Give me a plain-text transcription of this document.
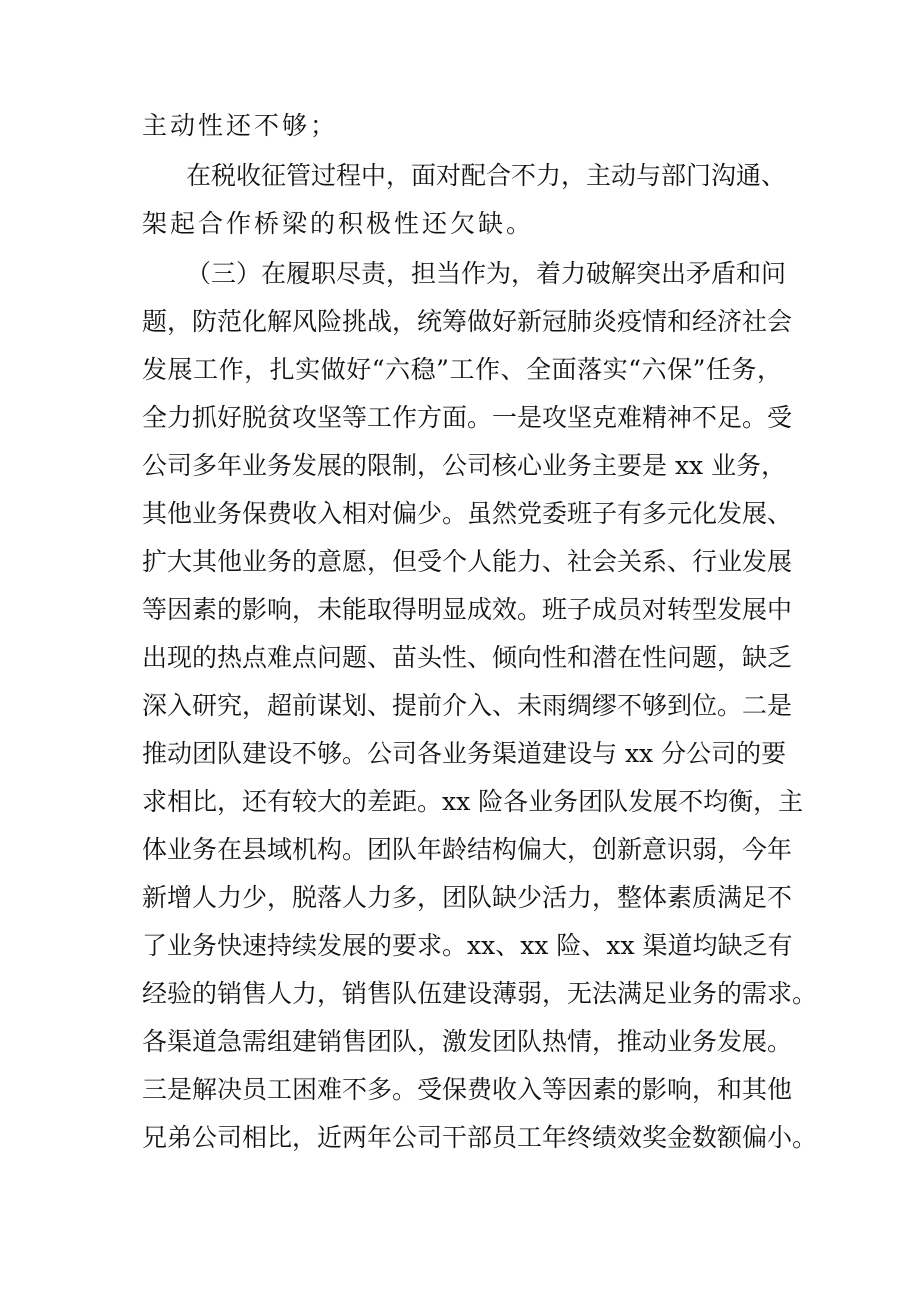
主动性还不够；
在税收征管过程中，面对配合不力，主动与部门沟通、
架起合作桥梁的积极性还欠缺。
（三）在履职尽责，担当作为，着力破解突出矛盾和问
题，防范化解风险挑战，统筹做好新冠肺炎疫情和经济社会
发展工作，扎实做好“六稳”工作、全面落实“六保”任务，
全力抓好脱贫攻坚等工作方面。一是攻坚克难精神不足。受
公司多年业务发展的限制，公司核心业务主要是 xx 业务，
其他业务保费收入相对偏少。虽然党委班子有多元化发展、
扩大其他业务的意愿，但受个人能力、社会关系、行业发展
等因素的影响，未能取得明显成效。班子成员对转型发展中
出现的热点难点问题、苗头性、倾向性和潜在性问题，缺乏
深入研究，超前谋划、提前介入、未雨绸缪不够到位。二是
推动团队建设不够。公司各业务渠道建设与 xx 分公司的要
求相比，还有较大的差距。xx 险各业务团队发展不均衡，主
体业务在县域机构。团队年龄结构偏大，创新意识弱，今年
新增人力少，脱落人力多，团队缺少活力，整体素质满足不
了业务快速持续发展的要求。xx、xx 险、xx 渠道均缺乏有
经验的销售人力，销售队伍建设薄弱，无法满足业务的需求。
各渠道急需组建销售团队，激发团队热情，推动业务发展。
三是解决员工困难不多。受保费收入等因素的影响，和其他
兄弟公司相比，近两年公司干部员工年终绩效奖金数额偏小。
